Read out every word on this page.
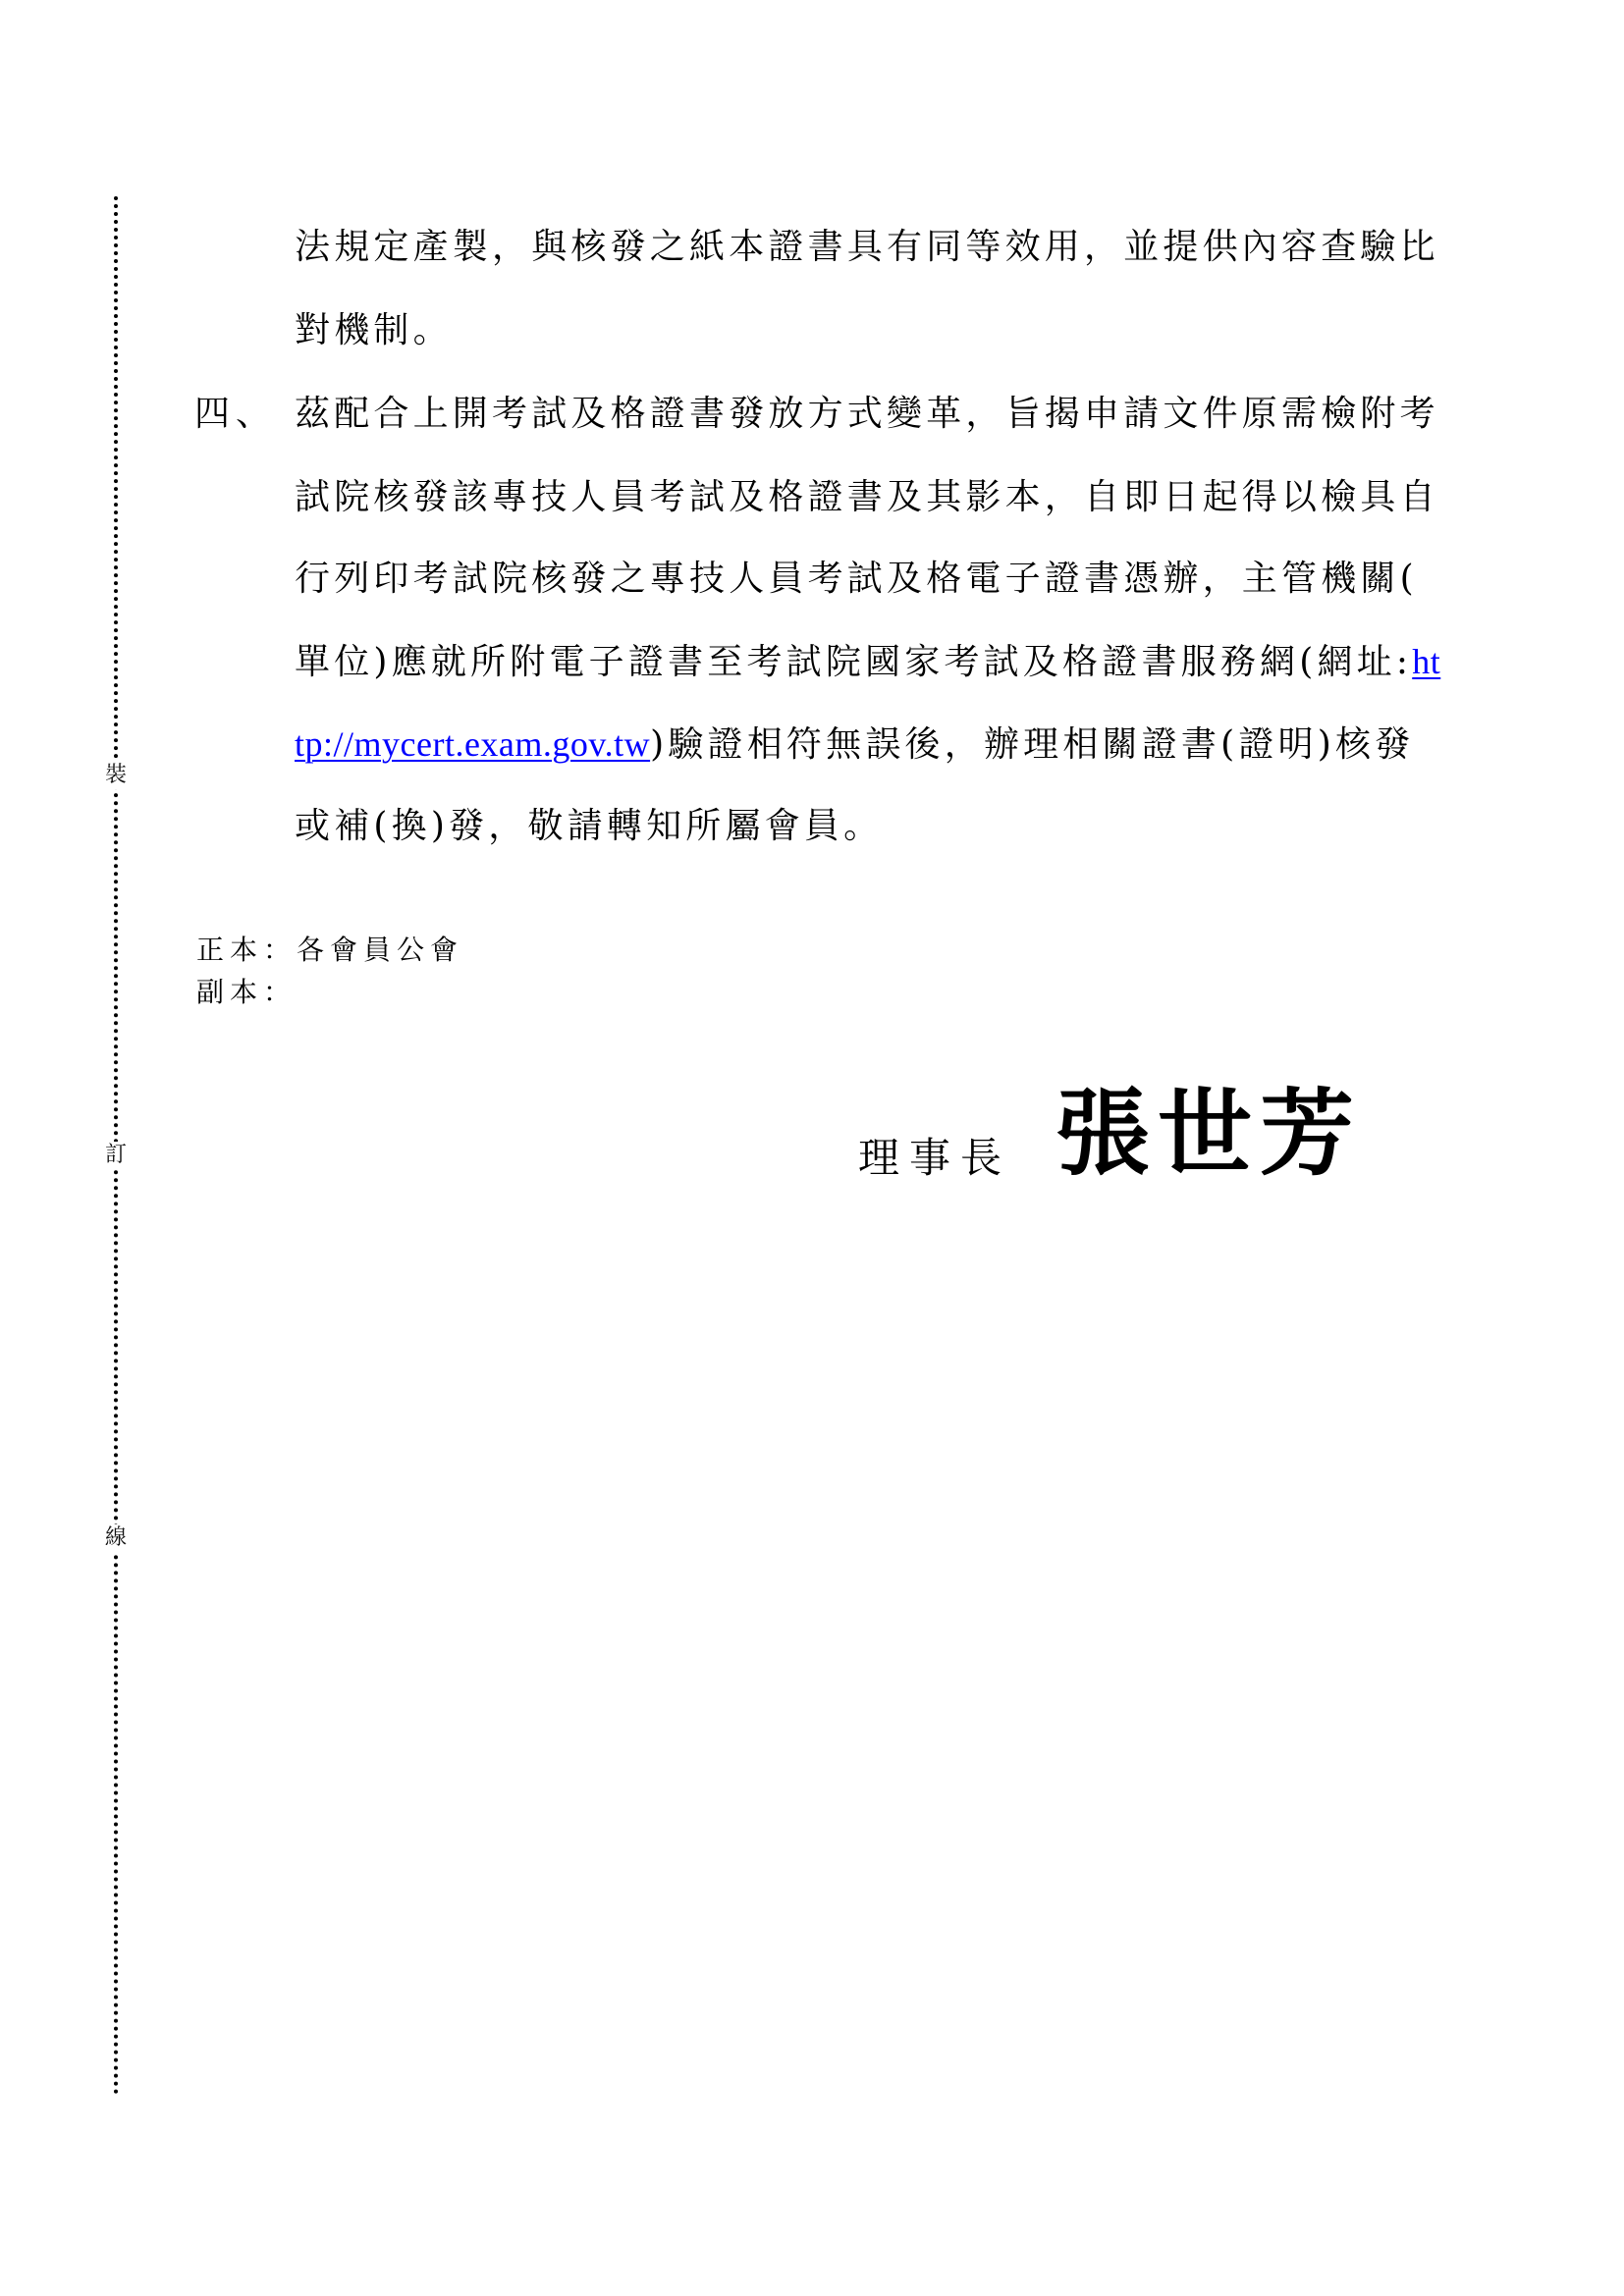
裝
訂
線
法規定產製，與核發之紙本證書具有同等效用，並提供內容查驗比
對機制。
四、 茲配合上開考試及格證書發放方式變革，旨揭申請文件原需檢附考
試院核發該專技人員考試及格證書及其影本，自即日起得以檢具自
行列印考試院核發之專技人員考試及格電子證書憑辦，主管機關(
單位)應就所附電子證書至考試院國家考試及格證書服務網(網址:ht
tp://mycert.exam.gov.tw)驗證相符無誤後，辦理相關證書(證明)核發
或補(換)發，敬請轉知所屬會員。
正本：各會員公會
副本：
理事長 張世芳
